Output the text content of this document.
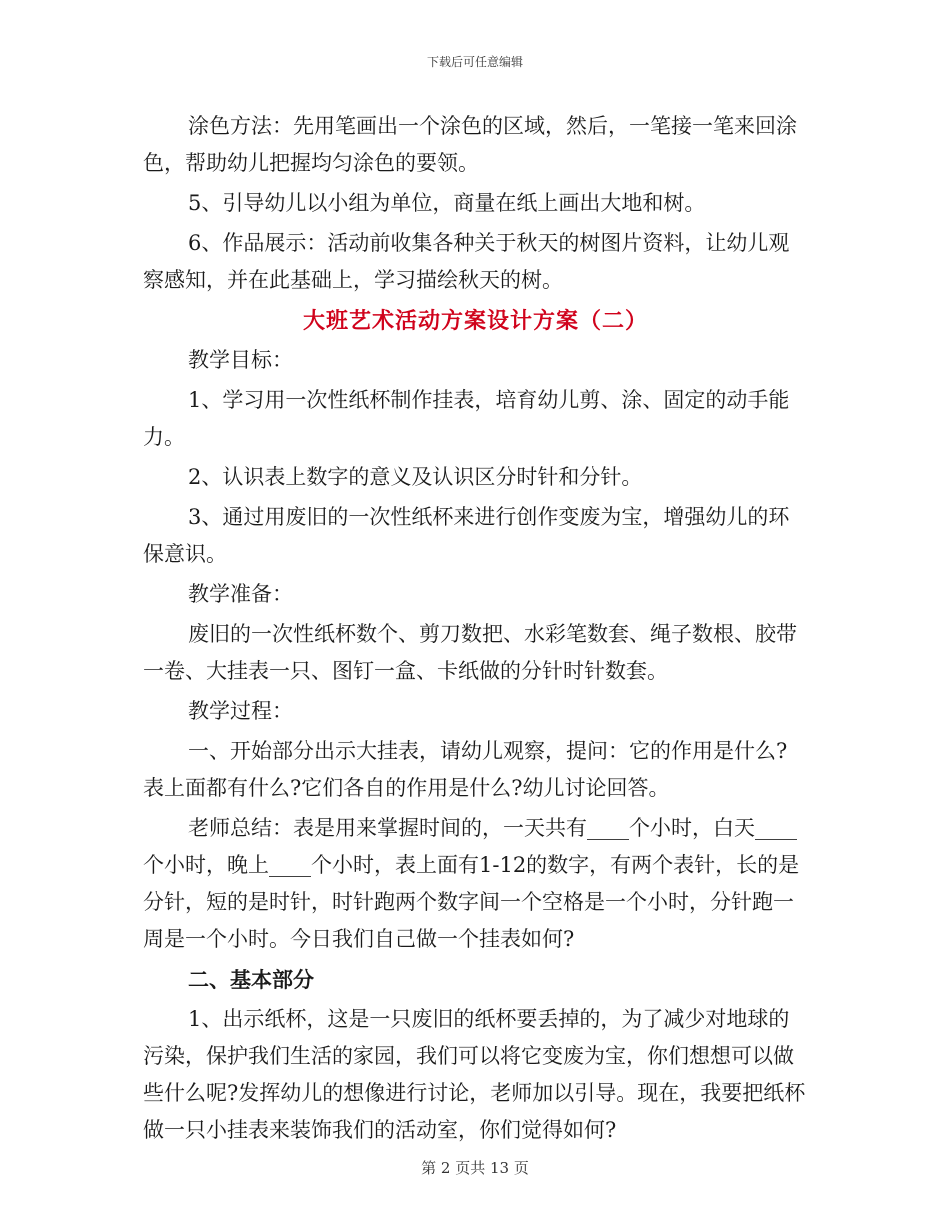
下载后可任意编辑

涂色方法：先用笔画出一个涂色的区域，然后，一笔接一笔来回涂色，帮助幼儿把握均匀涂色的要领。

5、引导幼儿以小组为单位，商量在纸上画出大地和树。

6、作品展示：活动前收集各种关于秋天的树图片资料，让幼儿观察感知，并在此基础上，学习描绘秋天的树。

大班艺术活动方案设计方案（二）

教学目标：

1、学习用一次性纸杯制作挂表，培育幼儿剪、涂、固定的动手能力。

2、认识表上数字的意义及认识区分时针和分针。

3、通过用废旧的一次性纸杯来进行创作变废为宝，增强幼儿的环保意识。

教学准备：

废旧的一次性纸杯数个、剪刀数把、水彩笔数套、绳子数根、胶带一卷、大挂表一只、图钉一盒、卡纸做的分针时针数套。

教学过程：

一、开始部分出示大挂表，请幼儿观察，提问：它的作用是什么?表上面都有什么?它们各自的作用是什么?幼儿讨论回答。

老师总结：表是用来掌握时间的，一天共有____个小时，白天____个小时，晚上____个小时，表上面有1-12的数字，有两个表针，长的是分针，短的是时针，时针跑两个数字间一个空格是一个小时，分针跑一周是一个小时。今日我们自己做一个挂表如何?

二、基本部分

1、出示纸杯，这是一只废旧的纸杯要丢掉的，为了减少对地球的污染，保护我们生活的家园，我们可以将它变废为宝，你们想想可以做些什么呢?发挥幼儿的想像进行讨论，老师加以引导。现在，我要把纸杯做一只小挂表来装饰我们的活动室，你们觉得如何?

第 2 页共 13 页
